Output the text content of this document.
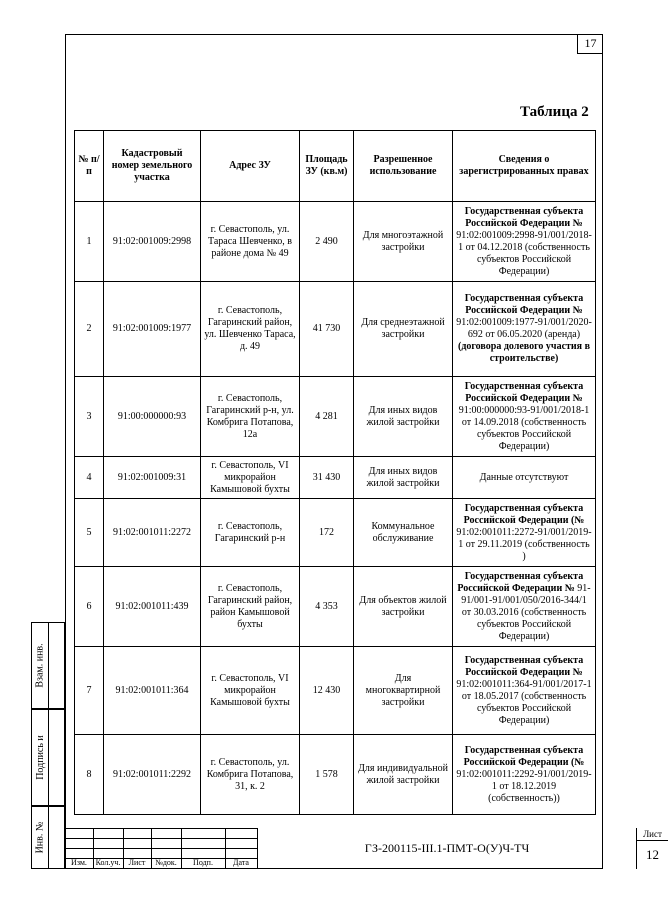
17
Таблица 2
№ п/п	Кадастровый номер земельного участка	Адрес ЗУ	Площадь ЗУ (кв.м)	Разрешенное использование	Сведения о зарегистрированных правах
1	91:02:001009:2998	г. Севастополь, ул. Тараса Шевченко, в районе дома № 49	2 490	Для многоэтажной застройки	Государственная субъекта Российской Федерации № 91:02:001009:2998-91/001/2018-1 от 04.12.2018 (собственность субъектов Российской Федерации)
2	91:02:001009:1977	г. Севастополь, Гагаринский район, ул. Шевченко Тараса, д. 49	41 730	Для среднеэтажной застройки	Государственная субъекта Российской Федерации № 91:02:001009:1977-91/001/2020-692 от 06.05.2020 (аренда) (договора долевого участия в строительстве)
3	91:00:000000:93	г. Севастополь, Гагаринский р-н, ул. Комбрига Потапова, 12а	4 281	Для иных видов жилой застройки	Государственная субъекта Российской Федерации № 91:00:000000:93-91/001/2018-1 от 14.09.2018 (собственность субъектов Российской Федерации)
4	91:02:001009:31	г. Севастополь, VI микрорайон Камышовой бухты	31 430	Для иных видов жилой застройки	Данные отсутствуют
5	91:02:001011:2272	г. Севастополь, Гагаринский р-н	172	Коммунальное обслуживание	Государственная субъекта Российской Федерации (№ 91:02:001011:2272-91/001/2019-1 от 29.11.2019 (собственность )
6	91:02:001011:439	г. Севастополь, Гагаринский район, район Камышовой бухты	4 353	Для объектов жилой застройки	Государственная субъекта Российской Федерации № 91-91/001-91/001/050/2016-344/1 от 30.03.2016 (собственность субъектов Российской Федерации)
7	91:02:001011:364	г. Севастополь, VI микрорайон Камышовой бухты	12 430	Для многоквартирной застройки	Государственная субъекта Российской Федерации № 91:02:001011:364-91/001/2017-1 от 18.05.2017 (собственность субъектов Российской Федерации)
8	91:02:001011:2292	г. Севастополь, ул. Комбрига Потапова, 31, к. 2	1 578	Для индивидуальной жилой застройки	Государственная субъекта Российской Федерации (№ 91:02:001011:2292-91/001/2019-1 от 18.12.2019 (собственность))
Взам. инв.
Подпись и
Инв. №
Изм.	Кол.уч.	Лист	№док.	Подп.	Дата
ГЗ-200115-III.1-ПМТ-О(У)Ч-ТЧ
Лист
12
